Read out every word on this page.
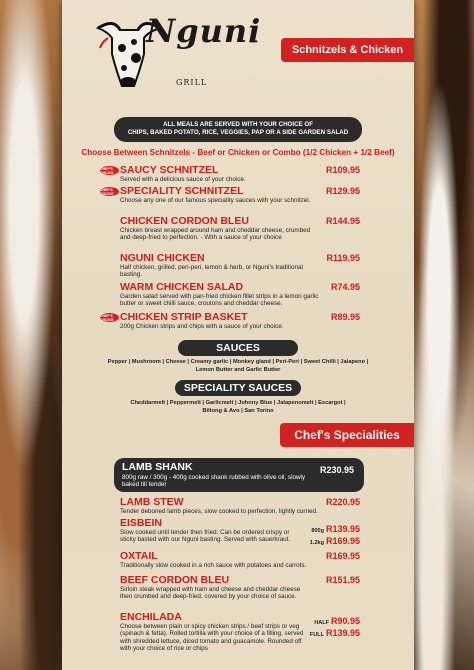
Nguni
GRILL
Schnitzels & Chicken
ALL MEALS ARE SERVED WITH YOUR CHOICE OF
CHIPS, BAKED POTATO, RICE, VEGGIES, PAP OR A SIDE GARDEN SALAD
Choose Between Schnitzels - Beef or Chicken or Combo (1/2 Chicken + 1/2 Beef)
CHEF'S CHOICE SAUCY SCHNITZEL	R109.95
Served with a delicious sauce of your choice.
CHEF'S CHOICE SPECIALITY SCHNITZEL	R129.95
Choose any one of our famous speciality sauces with your schnitzel.
CHICKEN CORDON BLEU	R144.95
Chicken breast wrapped around ham and cheddar cheese, crumbed and deep-fried to perfection. - With a sauce of your choice
NGUNI CHICKEN	R119.95
Half chicken, grilled, peri-peri, lemon & herb, or Nguni's traditional basting.
WARM CHICKEN SALAD	R74.95
Garden salad served with pan-fried chicken fillet strips in a lemon garlic butter or sweet chilli sauce, croutons and cheddar cheese.
CHEF'S CHOICE CHICKEN STRIP BASKET	R89.95
200g Chicken strips and chips with a sauce of your choice.
SAUCES
Pepper | Mushroom | Cheese | Creamy garlic | Monkey gland | Peri-Peri | Sweet Chilli | Jalapeno |
Lemon Butter and Garlic Butter
SPECIALITY SAUCES
Cheddarmelt | Peppermelt | Garlicmelt | Johnny Blue | Jalapenomelt | Escargot |
Biltong & Avo | San Torino
Chef's Specialities
LAMB SHANK	R230.95
800g raw / 300g - 400g cooked shank rubbed with olive oil, slowly baked till tender
LAMB STEW	R220.95
Tender deboned lamb pieces, slow cooked to perfection, lightly curried.
EISBEIN
800g R139.95
1.2kg R169.95
Slow cooked until tender then fried. Can be ordered crispy or sticky basted with our Nguni basting. Served with sauerkraut.
OXTAIL	R169.95
Traditionally slow cooked in a rich sauce with potatoes and carrots.
BEEF CORDON BLEU	R151.95
Sirloin steak wrapped with ham and cheese and cheddar cheese then crumbed and deep-fried, covered by your choice of sauce.
ENCHILADA	HALF R90.95
FULL R139.95
Choose between plain or spicy chicken strips / beef strips or veg (spinach & fetta). Rolled tortilla with your choice of a filling, served with shredded lettuce, diced tomato and guacamole. Rounded off with your choice of rice or chips
